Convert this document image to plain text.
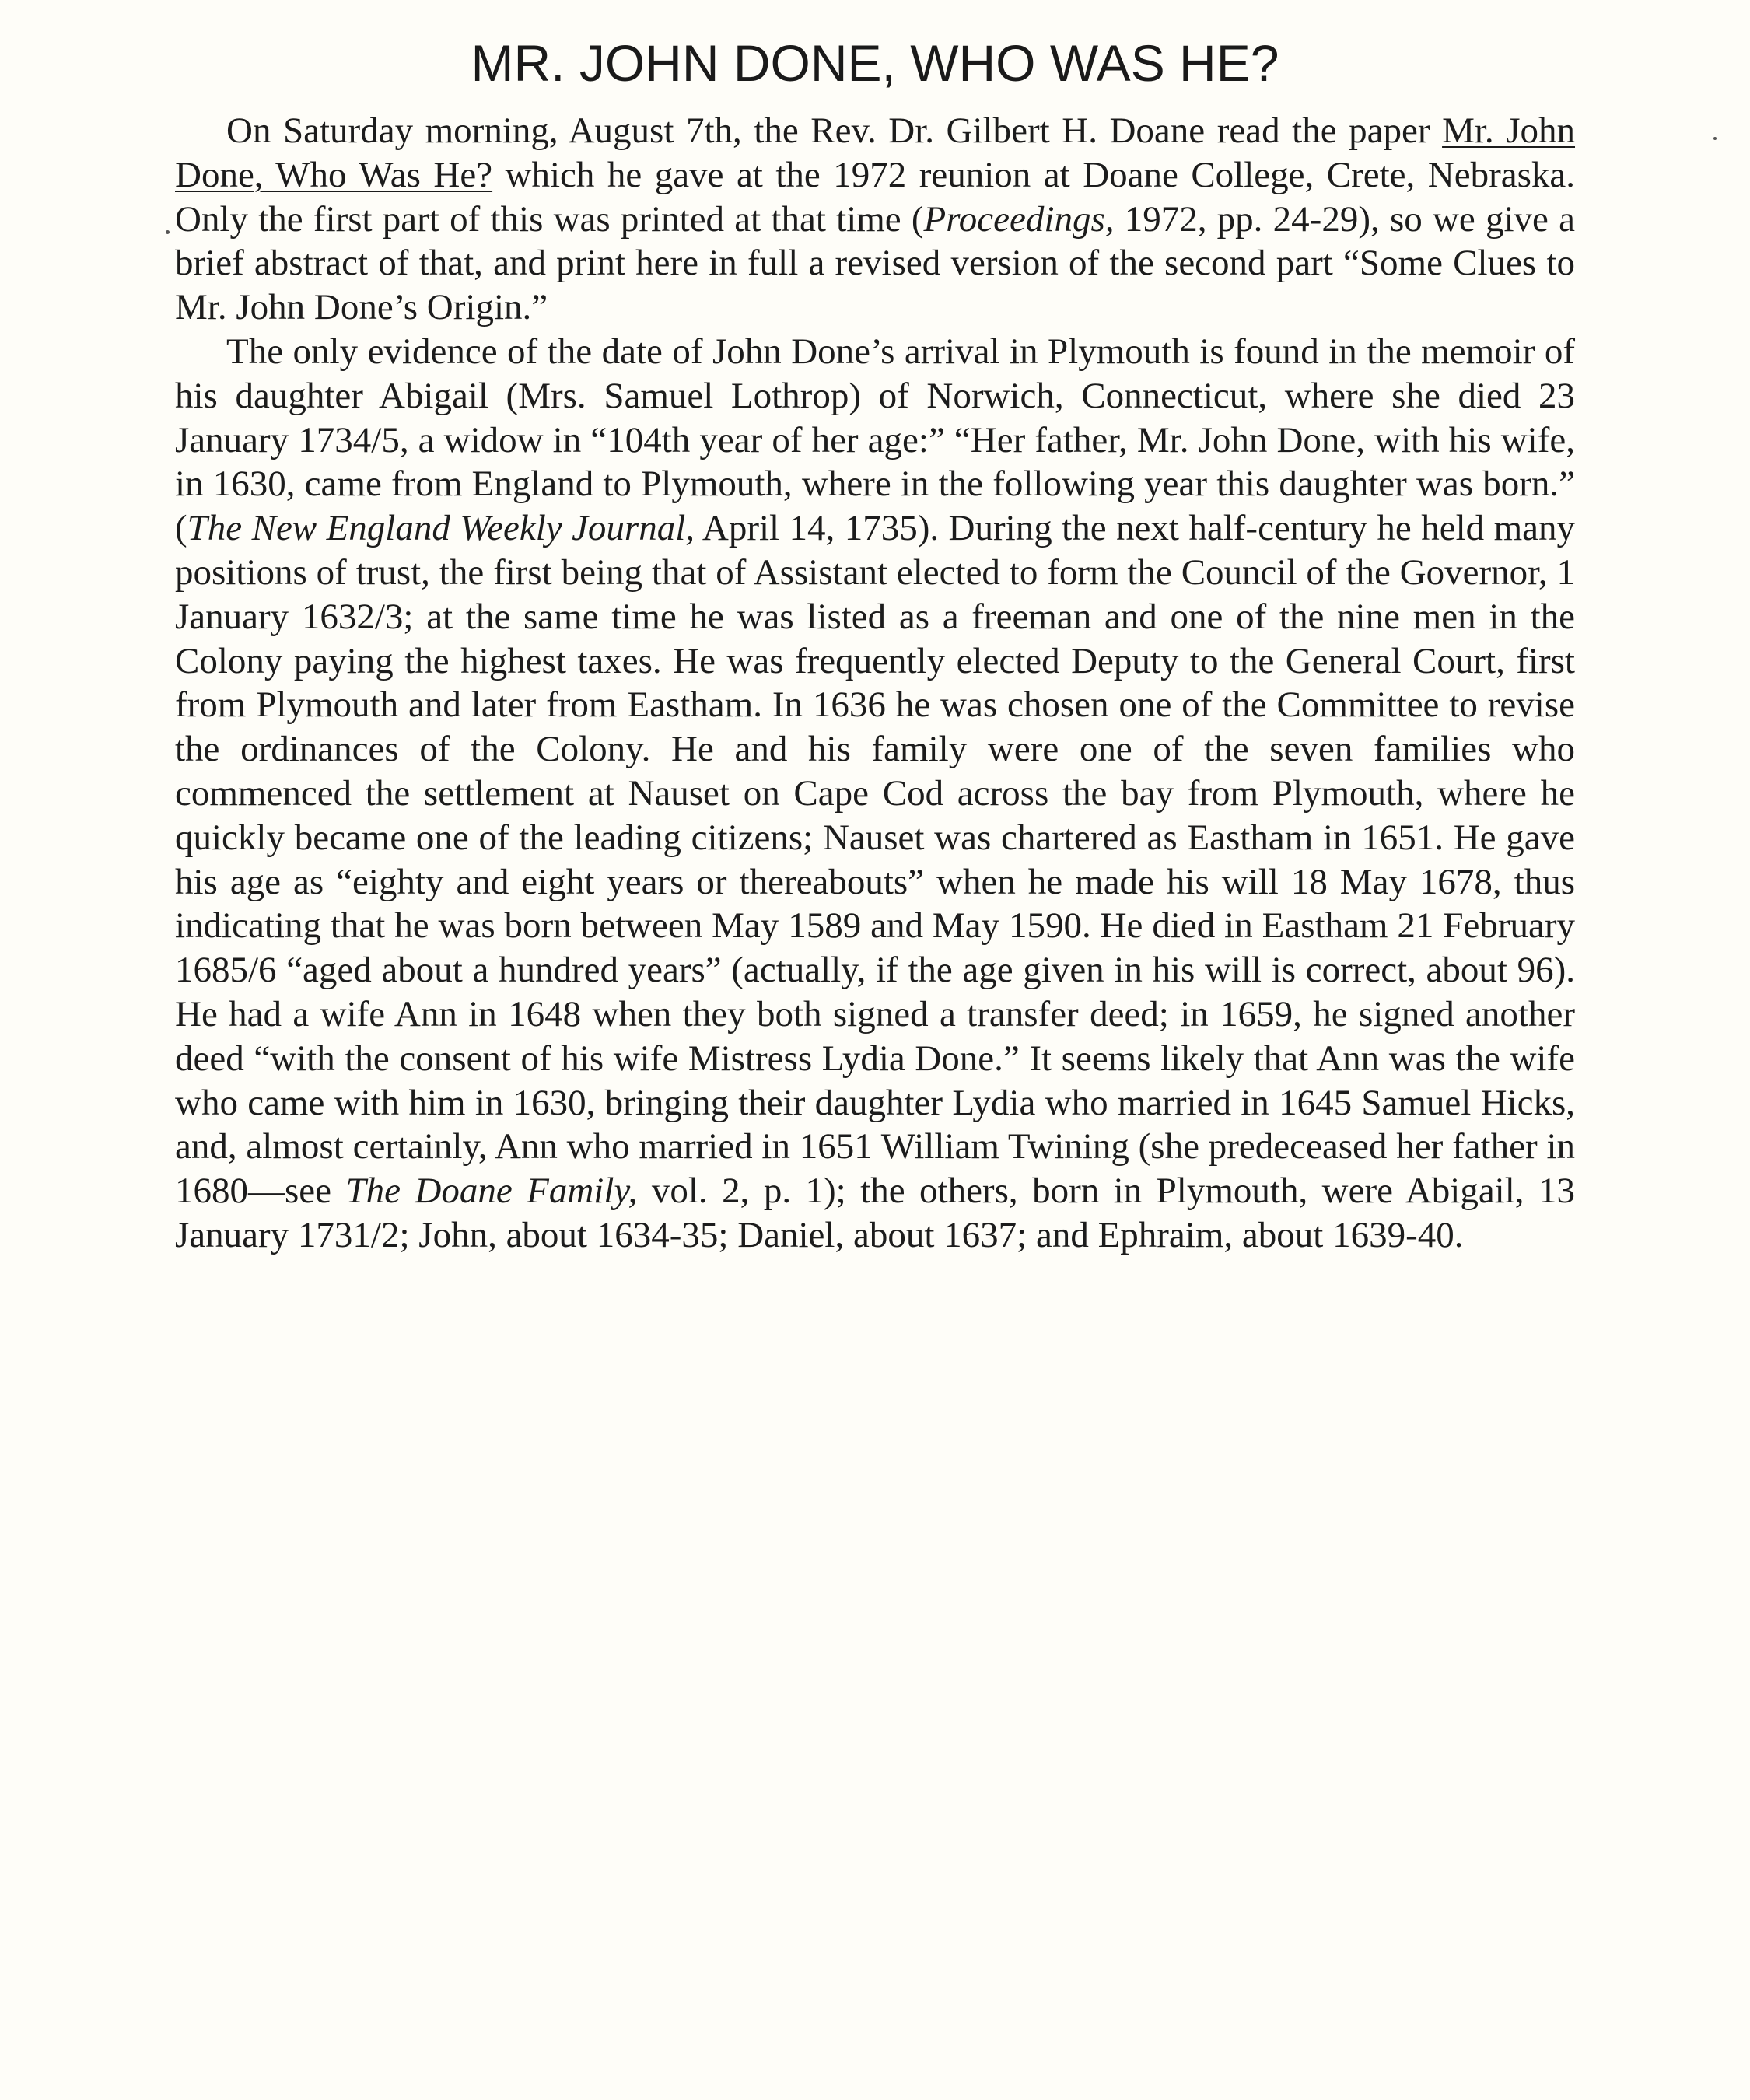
MR. JOHN DONE, WHO WAS HE?

On Saturday morning, August 7th, the Rev. Dr. Gilbert H. Doane read the paper Mr. John Done, Who Was He? which he gave at the 1972 reunion at Doane College, Crete, Nebraska. Only the first part of this was printed at that time (Proceedings, 1972, pp. 24-29), so we give a brief abstract of that, and print here in full a revised version of the second part “Some Clues to Mr. John Done’s Origin.”

The only evidence of the date of John Done’s arrival in Plymouth is found in the memoir of his daughter Abigail (Mrs. Samuel Lothrop) of Norwich, Connecticut, where she died 23 January 1734/5, a widow in “104th year of her age:” “Her father, Mr. John Done, with his wife, in 1630, came from England to Plymouth, where in the following year this daughter was born.” (The New England Weekly Journal, April 14, 1735). During the next half-century he held many positions of trust, the first being that of Assistant elected to form the Council of the Governor, 1 January 1632/3; at the same time he was listed as a freeman and one of the nine men in the Colony paying the highest taxes. He was frequently elected Deputy to the General Court, first from Plymouth and later from Eastham. In 1636 he was chosen one of the Committee to revise the ordinances of the Colony. He and his family were one of the seven families who commenced the settlement at Nauset on Cape Cod across the bay from Plymouth, where he quickly became one of the leading citizens; Nauset was chartered as Eastham in 1651. He gave his age as “eighty and eight years or thereabouts” when he made his will 18 May 1678, thus indicating that he was born between May 1589 and May 1590. He died in Eastham 21 February 1685/6 “aged about a hundred years” (actually, if the age given in his will is correct, about 96). He had a wife Ann in 1648 when they both signed a transfer deed; in 1659, he signed another deed “with the consent of his wife Mistress Lydia Done.” It seems likely that Ann was the wife who came with him in 1630, bringing their daughter Lydia who married in 1645 Samuel Hicks, and, almost certainly, Ann who married in 1651 William Twining (she predeceased her father in 1680—see The Doane Family, vol. 2, p. 1); the others, born in Plymouth, were Abigail, 13 January 1731/2; John, about 1634-35; Daniel, about 1637; and Ephraim, about 1639-40.
